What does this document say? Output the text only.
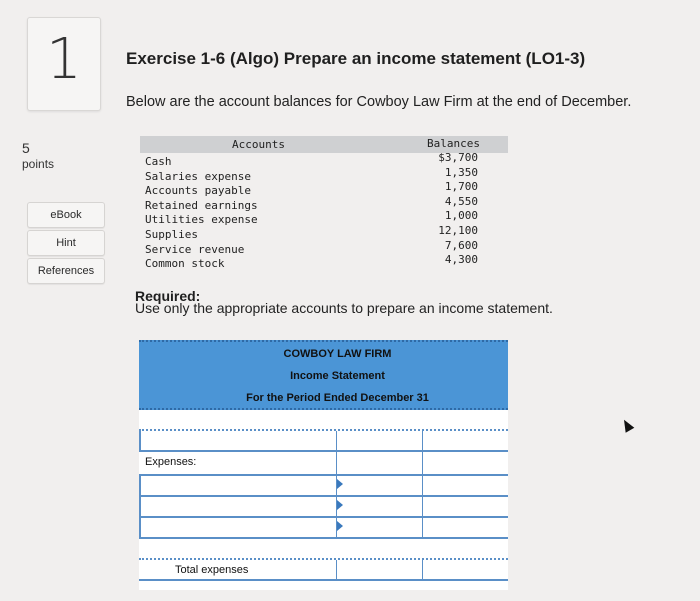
1
5
points
eBook
Hint
References
Exercise 1-6 (Algo) Prepare an income statement (LO1-3)
Below are the account balances for Cowboy Law Firm at the end of December.
Accounts	Balances
Cash
Salaries expense
Accounts payable
Retained earnings
Utilities expense
Supplies
Service revenue
Common stock
$3,700
1,350
1,700
4,550
1,000
12,100
7,600
4,300
Required:
Use only the appropriate accounts to prepare an income statement.
COWBOY LAW FIRM
Income Statement
For the Period Ended December 31
Expenses:
Total expenses
